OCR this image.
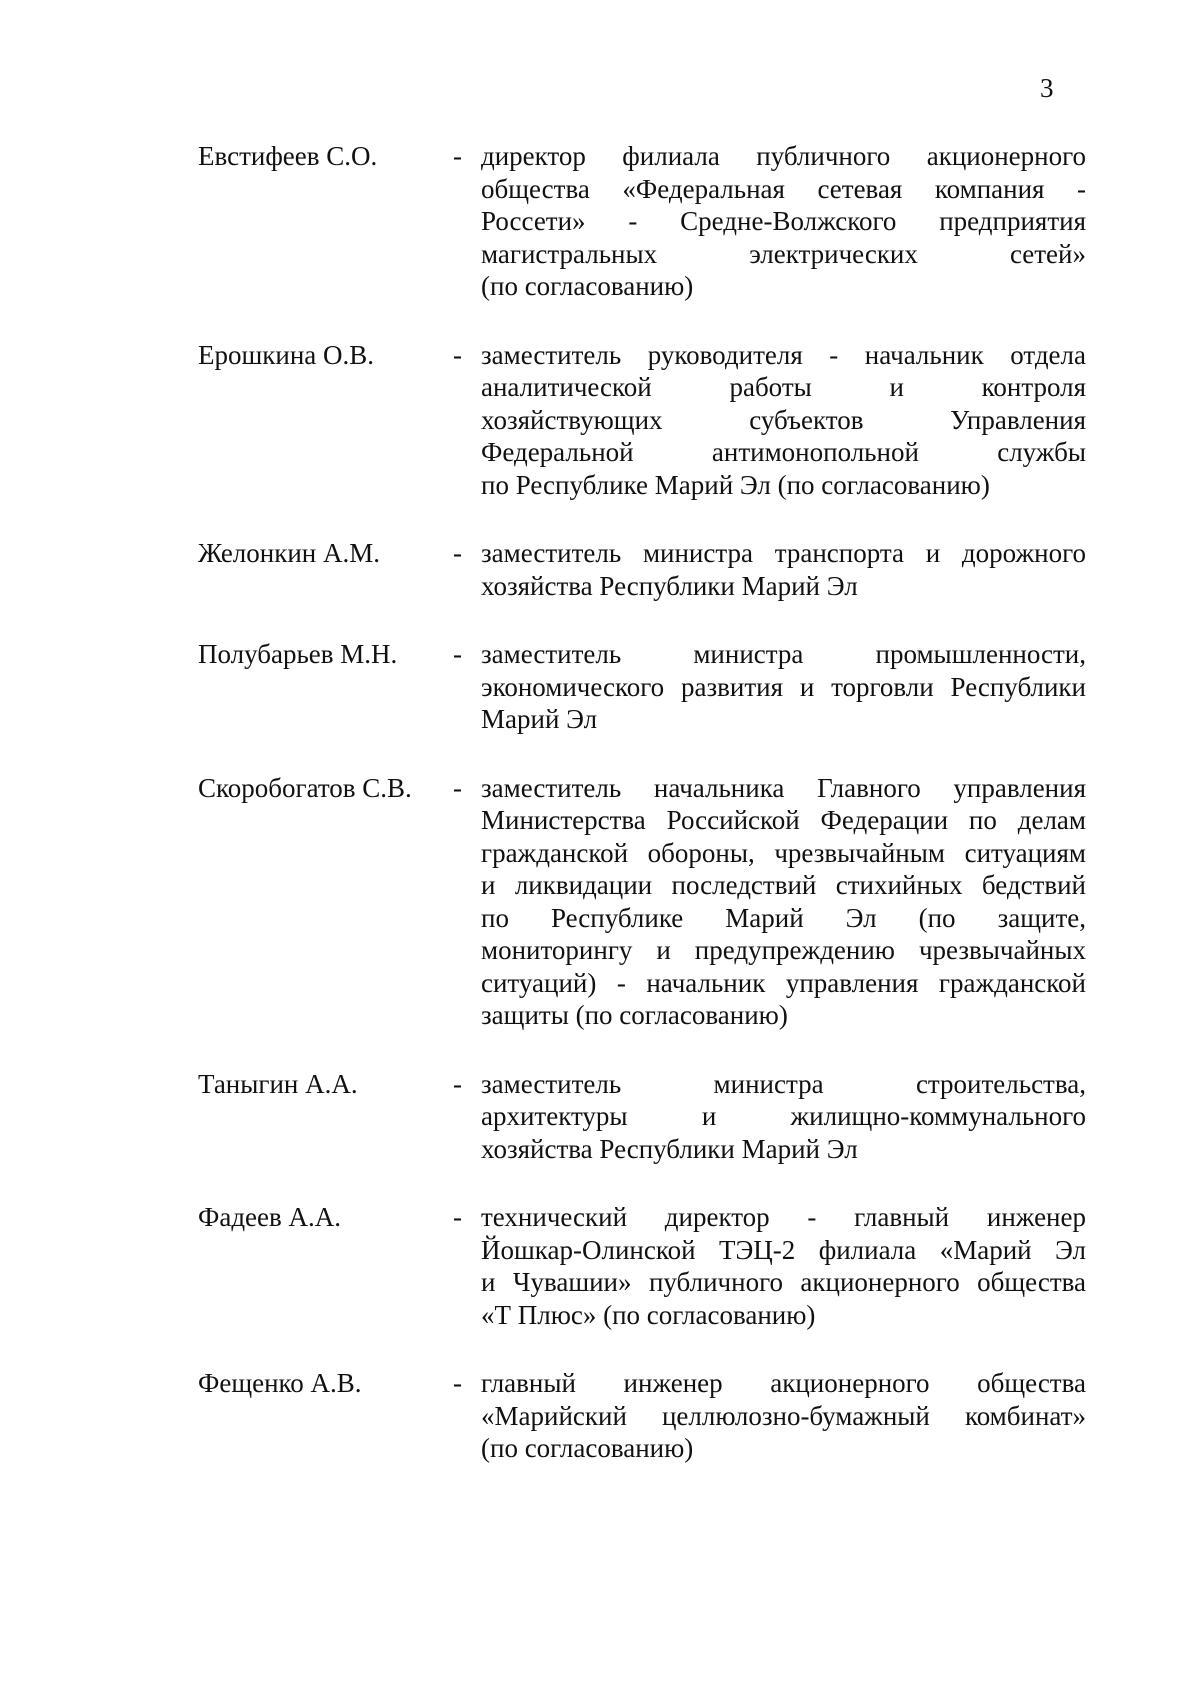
3
Евстифеев С.О.	- директор филиала публичного акционерного
общества «Федеральная сетевая компания -
Россети» - Средне-Волжского предприятия
магистральных электрических сетей»
(по согласованию)
Ерошкина О.В.	- заместитель руководителя - начальник отдела
аналитической работы и контроля
хозяйствующих субъектов Управления
Федеральной антимонопольной службы
по Республике Марий Эл (по согласованию)
Желонкин А.М.	- заместитель министра транспорта и дорожного
хозяйства Республики Марий Эл
Полубарьев М.Н. - заместитель министра промышленности,
экономического развития и торговли Республики
Марий Эл
Скоробогатов С.В. - заместитель начальника Главного управления
Министерства Российской Федерации по делам
гражданской обороны, чрезвычайным ситуациям
и ликвидации последствий стихийных бедствий
по Республике Марий Эл (по защите,
мониторингу и предупреждению чрезвычайных
ситуаций) - начальник управления гражданской
защиты (по согласованию)
Таныгин А.А.	- заместитель министра строительства,
архитектуры и жилищно-коммунального
хозяйства Республики Марий Эл
Фадеев А.А.	- технический директор - главный инженер
Йошкар-Олинской ТЭЦ-2 филиала «Марий Эл
и Чувашии» публичного акционерного общества
«Т Плюс» (по согласованию)
Фещенко А.В.	- главный инженер акционерного общества
«Марийский целлюлозно-бумажный комбинат»
(по согласованию)
